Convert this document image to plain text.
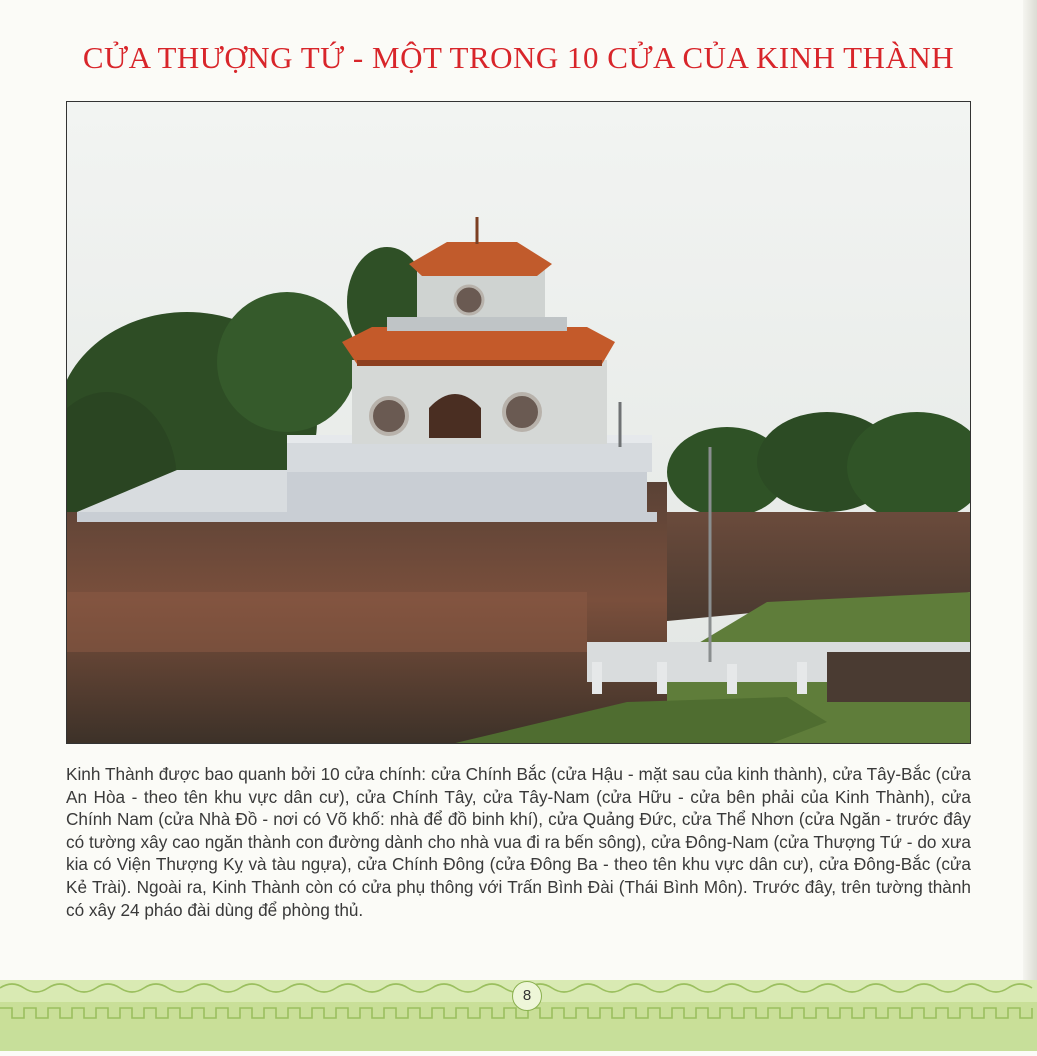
CỬA THƯỢNG TỨ - MỘT TRONG 10 CỬA CỦA KINH THÀNH

Kinh Thành được bao quanh bởi 10 cửa chính: cửa Chính Bắc (cửa Hậu - mặt sau của kinh thành), cửa Tây-Bắc (cửa An Hòa - theo tên khu vực dân cư), cửa Chính Tây, cửa Tây-Nam (cửa Hữu - cửa bên phải của Kinh Thành), cửa Chính Nam (cửa Nhà Đồ - nơi có Võ khố: nhà để đồ binh khí), cửa Quảng Đức, cửa Thể Nhơn (cửa Ngăn - trước đây có tường xây cao ngăn thành con đường dành cho nhà vua đi ra bến sông), cửa Đông-Nam (cửa Thượng Tứ - do xưa kia có Viện Thượng Kỵ và tàu ngựa), cửa Chính Đông (cửa Đông Ba - theo tên khu vực dân cư), cửa Đông-Bắc (cửa Kẻ Trài). Ngoài ra, Kinh Thành còn có cửa phụ thông với Trấn Bình Đài (Thái Bình Môn). Trước đây, trên tường thành có xây 24 pháo đài dùng để phòng thủ.

8
